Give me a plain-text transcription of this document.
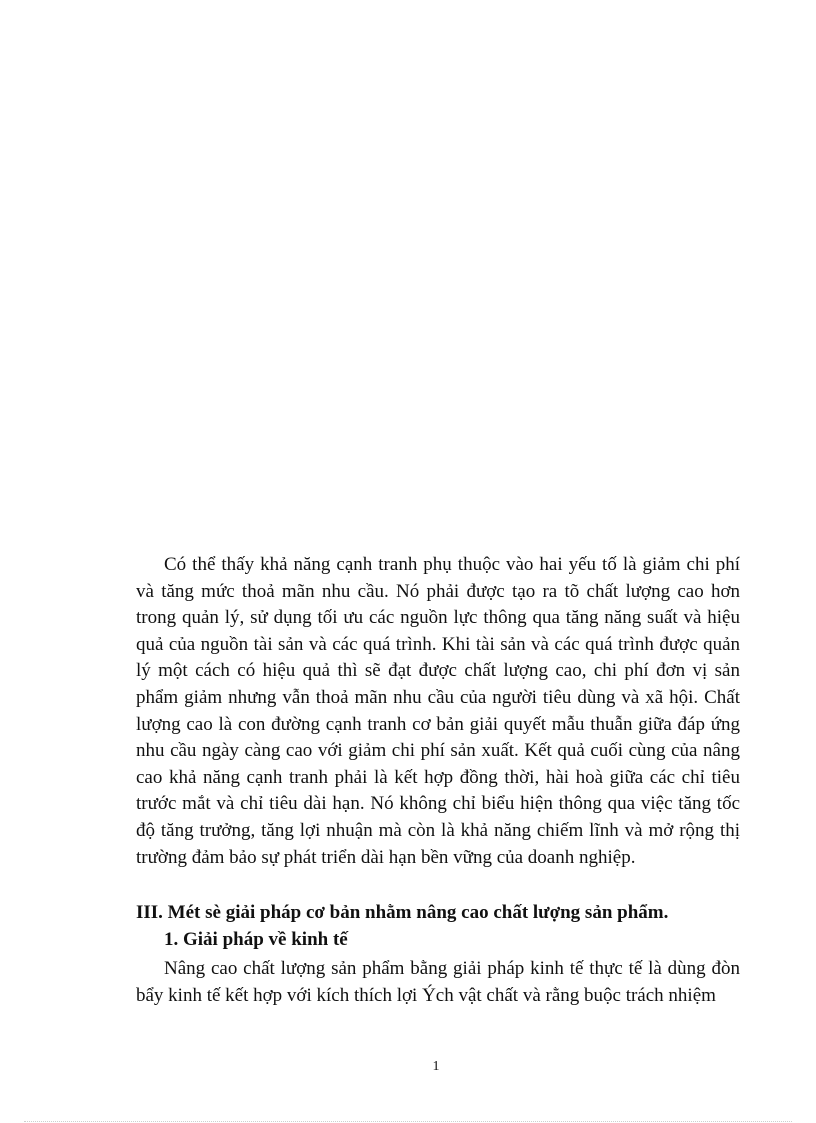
Có thể thấy khả năng cạnh tranh phụ thuộc vào hai yếu tố là giảm chi phí và tăng mức thoả mãn nhu cầu. Nó phải được tạo ra tõ chất lượng cao hơn trong quản lý, sử dụng tối ưu các nguồn lực thông qua tăng năng suất và hiệu quả của nguồn tài sản và các quá trình. Khi tài sản và các quá trình được quản lý một cách có hiệu quả thì sẽ đạt được chất lượng cao, chi phí đơn vị sản phẩm giảm nhưng vẫn thoả mãn nhu cầu của người tiêu dùng và xã hội. Chất lượng cao là con đường cạnh tranh cơ bản giải quyết mẫu thuẫn giữa đáp ứng nhu cầu ngày càng cao với giảm chi phí sản xuất. Kết quả cuối cùng của nâng cao khả năng cạnh tranh phải là kết hợp đồng thời, hài hoà giữa các chỉ tiêu trước mắt và chỉ tiêu dài hạn. Nó không chỉ biểu hiện thông qua việc tăng tốc độ tăng trưởng, tăng lợi nhuận mà còn là khả năng chiếm lĩnh và mở rộng thị trường đảm bảo sự phát triển dài hạn bền vững của doanh nghiệp.

III. Mét sè giải pháp cơ bản nhằm nâng cao chất lượng sản phẩm.
1. Giải pháp về kinh tế

Nâng cao chất lượng sản phẩm bằng giải pháp kinh tế thực tế là dùng đòn bẩy kinh tế kết hợp với kích thích lợi Ých vật chất và rằng buộc trách nhiệm

1
